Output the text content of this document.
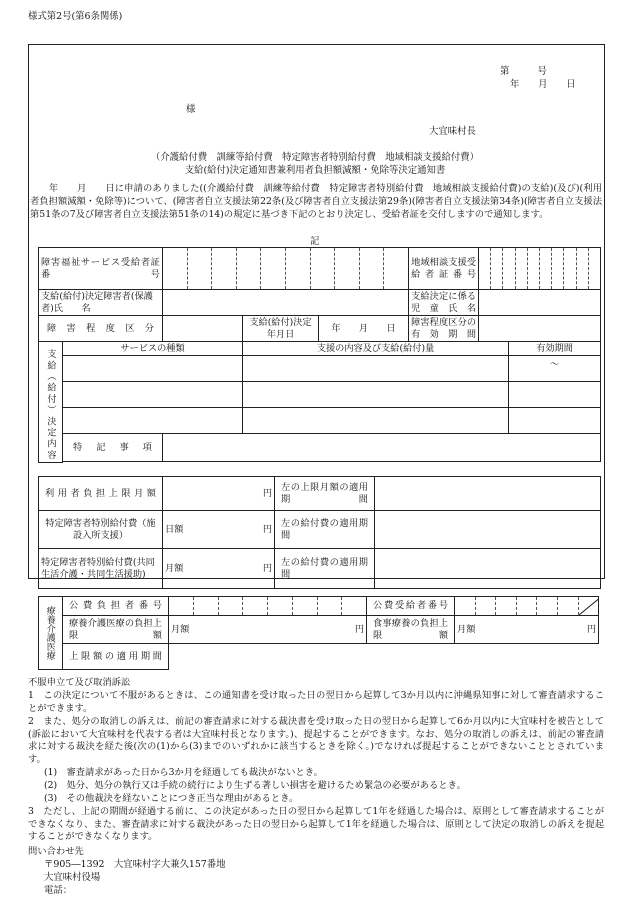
様式第2号(第6条関係)
第　　　号
年　　月　　日
様
大宜味村長
（介護給付費　訓練等給付費　特定障害者特別給付費　地域相談支援給付費）
支給(給付)決定通知書兼利用者負担額減額・免除等決定通知書
　　年　　月　　日に申請のありました((介護給付費　訓練等給付費　特定障害者特別給付費　地域相談支援給付費)の支給)(及び)(利用者負担額減額・免除等)について、(障害者自立支援法第22条(及び障害者自立支援法第29条)(障害者自立支援法第34条)(障害者自立支援法第51条の7及び障害者自立支援法第51条の14)の規定に基づき下記のとおり決定し、受給者証を交付しますので通知します。
記
障害福祉サービス受給者証番号					地域相談支援受給者証番号		

支給(給付)決定障害者(保護者)氏　　名					支給決定に係る児童氏名		
障害程度区分			支給(給付)決定年月日	年　　月　　日	障害程度区分の有効期間		

	サービスの種類		支援の内容及び支給(給付)量				有効期間
							～

	特　記　事　項						

支給（給付）決定内容
利用者負担上限月額	円	左の上限月額の適用期間	
特定障害者特別給付費（施設入所支援）	日額 円	左の給付費の適用期間	
特定障害者特別給付費(共同生活介護・共同生活援助)	月額 円	左の給付費の適用期間	
	公費負担者番号		公費受給者番号	

	療養介護医療の負担上限額	月額 円	食事療養の負担上限額	月額 円

	上限額の適用期間			
療養介護医療
不服申立て及び取消訴訟
1　この決定について不服があるときは、この通知書を受け取った日の翌日から起算して3か月以内に沖縄県知事に対して審査請求することができます。
2　また、処分の取消しの訴えは、前記の審査請求に対する裁決書を受け取った日の翌日から起算して6か月以内に大宜味村を被告として(訴訟において大宜味村を代表する者は大宜味村長となります。)、提起することができます。なお、処分の取消しの訴えは、前記の審査請求に対する裁決を経た後(次の(1)から(3)までのいずれかに該当するときを除く。)でなければ提起することができないこととされています。
(1)　審査請求があった日から3か月を経過しても裁決がないとき。
(2)　処分、処分の執行又は手続の続行により生ずる著しい損害を避けるため緊急の必要があるとき。
(3)　その他裁決を経ないことにつき正当な理由があるとき。
3　ただし、上記の期間が経過する前に、この決定があった日の翌日から起算して1年を経過した場合は、原則として審査請求することができなくなり、また、審査請求に対する裁決があった日の翌日から起算して1年を経過した場合は、原則として決定の取消しの訴えを提起することができなくなります。
問い合わせ先
〒905―1392　大宜味村字大兼久157番地
大宜味村役場
電話：
